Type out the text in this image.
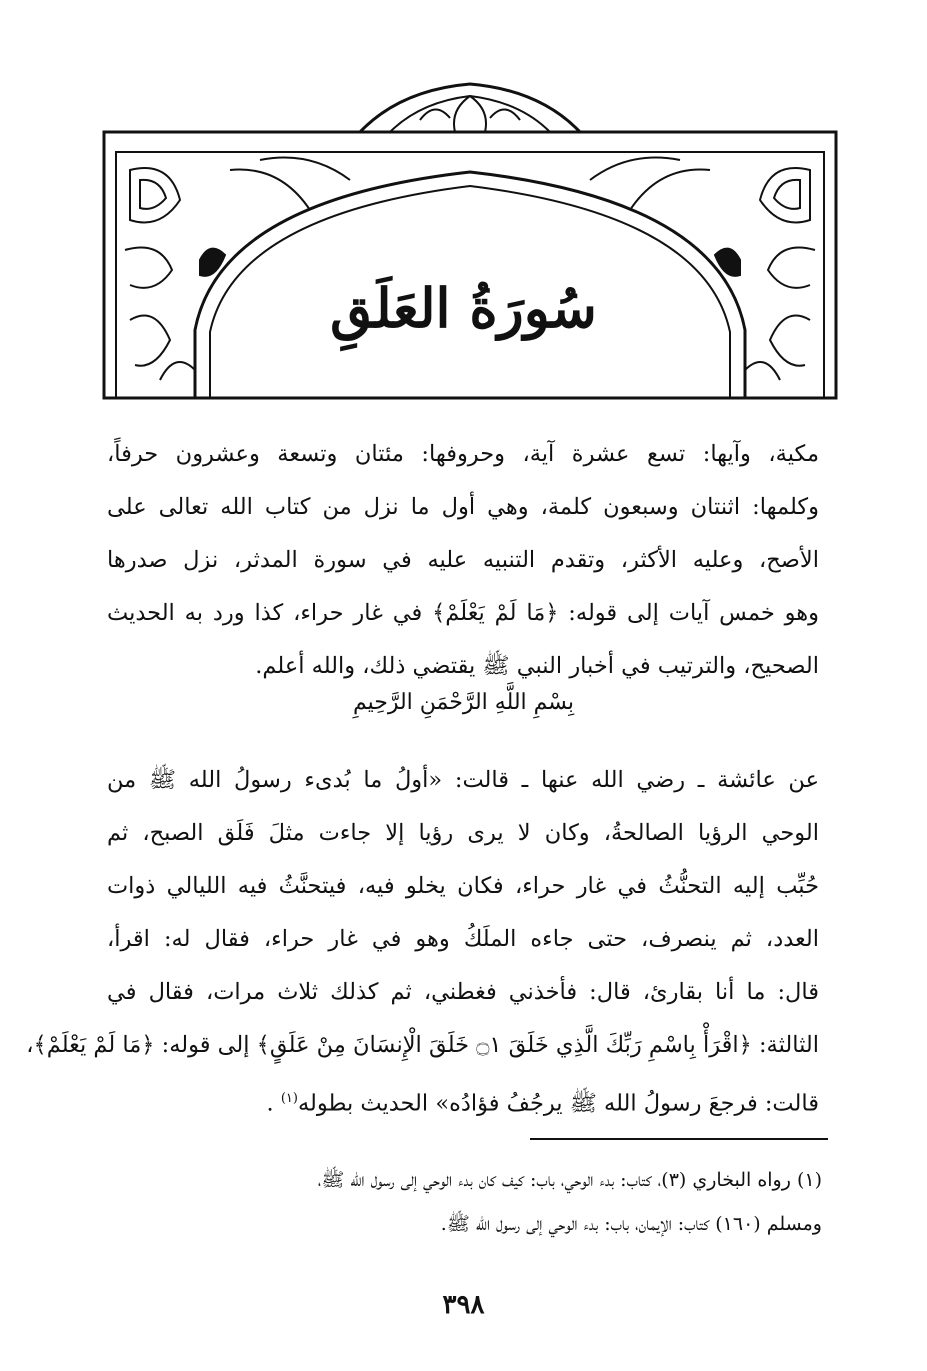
سُورَةُ العَلَقِ
مكية، وآيها: تسع عشرة آية، وحروفها: مئتان وتسعة وعشرون حرفاً،
وكلمها: اثنتان وسبعون كلمة، وهي أول ما نزل من كتاب الله تعالى على
الأصح، وعليه الأكثر، وتقدم التنبيه عليه في سورة المدثر، نزل صدرها
وهو خمس آيات إلى قوله: ﴿مَا لَمْ يَعْلَمْ﴾ في غار حراء، كذا ورد به الحديث
الصحيح، والترتيب في أخبار النبي ﷺ يقتضي ذلك، والله أعلم.
بِسْمِ اللَّهِ الرَّحْمَنِ الرَّحِيمِ
عن عائشة ـ رضي الله عنها ـ قالت: «أولُ ما بُدىء رسولُ الله ﷺ من
الوحي الرؤيا الصالحةُ، وكان لا يرى رؤيا إلا جاءت مثلَ فَلَق الصبح، ثم
حُبِّب إليه التحنُّثُ في غار حراء، فكان يخلو فيه، فيتحنَّثُ فيه الليالي ذوات
العدد، ثم ينصرف، حتى جاءه الملَكُ وهو في غار حراء، فقال له: اقرأ،
قال: ما أنا بقارئ، قال: فأخذني فغطني، ثم كذلك ثلاث مرات، فقال في
الثالثة: ﴿اقْرَأْ بِاسْمِ رَبِّكَ الَّذِي خَلَقَ ۝١ خَلَقَ الْإِنسَانَ مِنْ عَلَقٍ﴾ إلى قوله: ﴿مَا لَمْ يَعْلَمْ﴾،
قالت: فرجعَ رسولُ الله ﷺ يرجُفُ فؤادُه» الحديث بطوله$^{(١)}$ .
(١) رواه البخاري (٣)، كتاب: بدء الوحي، باب: كيف كان بدء الوحي إلى رسول الله ﷺ،
ومسلم (١٦٠) كتاب: الإيمان، باب: بدء الوحي إلى رسول الله ﷺ.
٣٩٨
